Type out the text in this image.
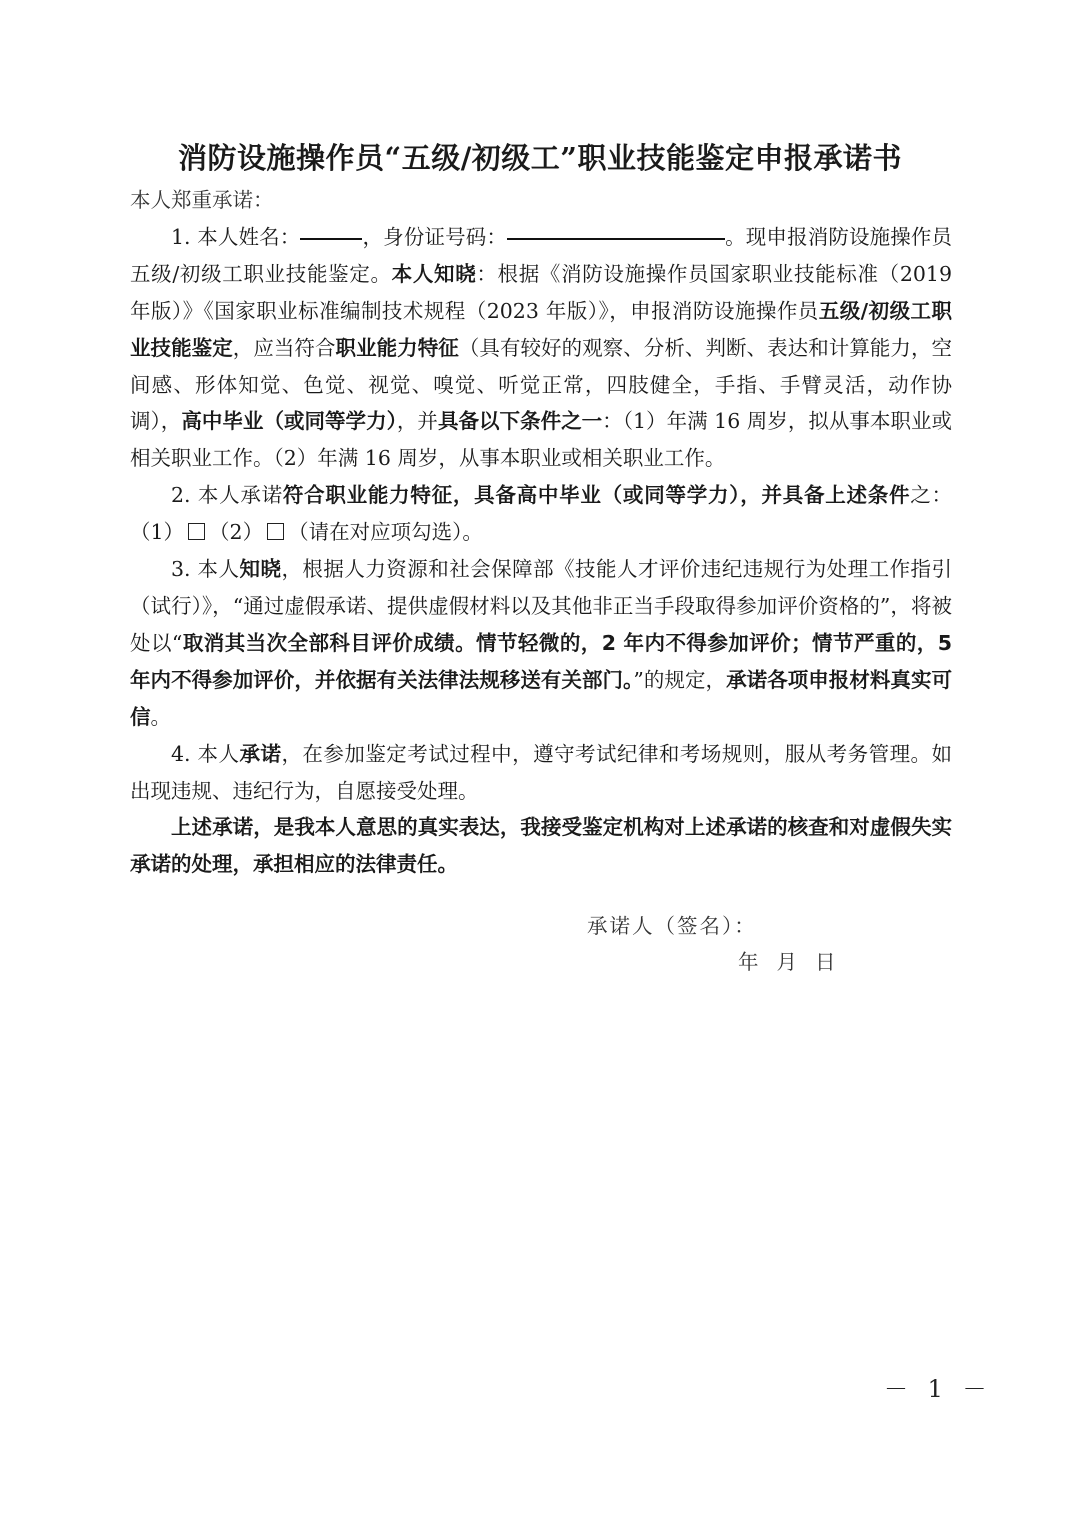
消防设施操作员“五级/初级工”职业技能鉴定申报承诺书

本人郑重承诺：

1. 本人姓名：	，身份证号码：	。现申报消防设施操作员五级/初级工职业技能鉴定。本人知晓：根据《消防设施操作员国家职业技能标准（2019 年版）》《国家职业标准编制技术规程（2023 年版）》，申报消防设施操作员五级/初级工职业技能鉴定，应当符合职业能力特征（具有较好的观察、分析、判断、表达和计算能力，空间感、形体知觉、色觉、视觉、嗅觉、听觉正常，四肢健全，手指、手臂灵活，动作协调），高中毕业（或同等学力），并具备以下条件之一：（1）年满 16 周岁，拟从事本职业或相关职业工作。（2）年满 16 周岁，从事本职业或相关职业工作。

2. 本人承诺符合职业能力特征，具备高中毕业（或同等学力），并具备上述条件之：（1） （2） （请在对应项勾选）。

3. 本人知晓，根据人力资源和社会保障部《技能人才评价违纪违规行为处理工作指引（试行）》，“通过虚假承诺、提供虚假材料以及其他非正当手段取得参加评价资格的”，将被处以“取消其当次全部科目评价成绩。情节轻微的，2 年内不得参加评价；情节严重的，5 年内不得参加评价，并依据有关法律法规移送有关部门。”的规定，承诺各项申报材料真实可信。

4. 本人承诺，在参加鉴定考试过程中，遵守考试纪律和考场规则，服从考务管理。如出现违规、违纪行为，自愿接受处理。

上述承诺，是我本人意思的真实表达，我接受鉴定机构对上述承诺的核查和对虚假失实承诺的处理，承担相应的法律责任。

承诺人（签名）：
年 月 日
－ 1 －
